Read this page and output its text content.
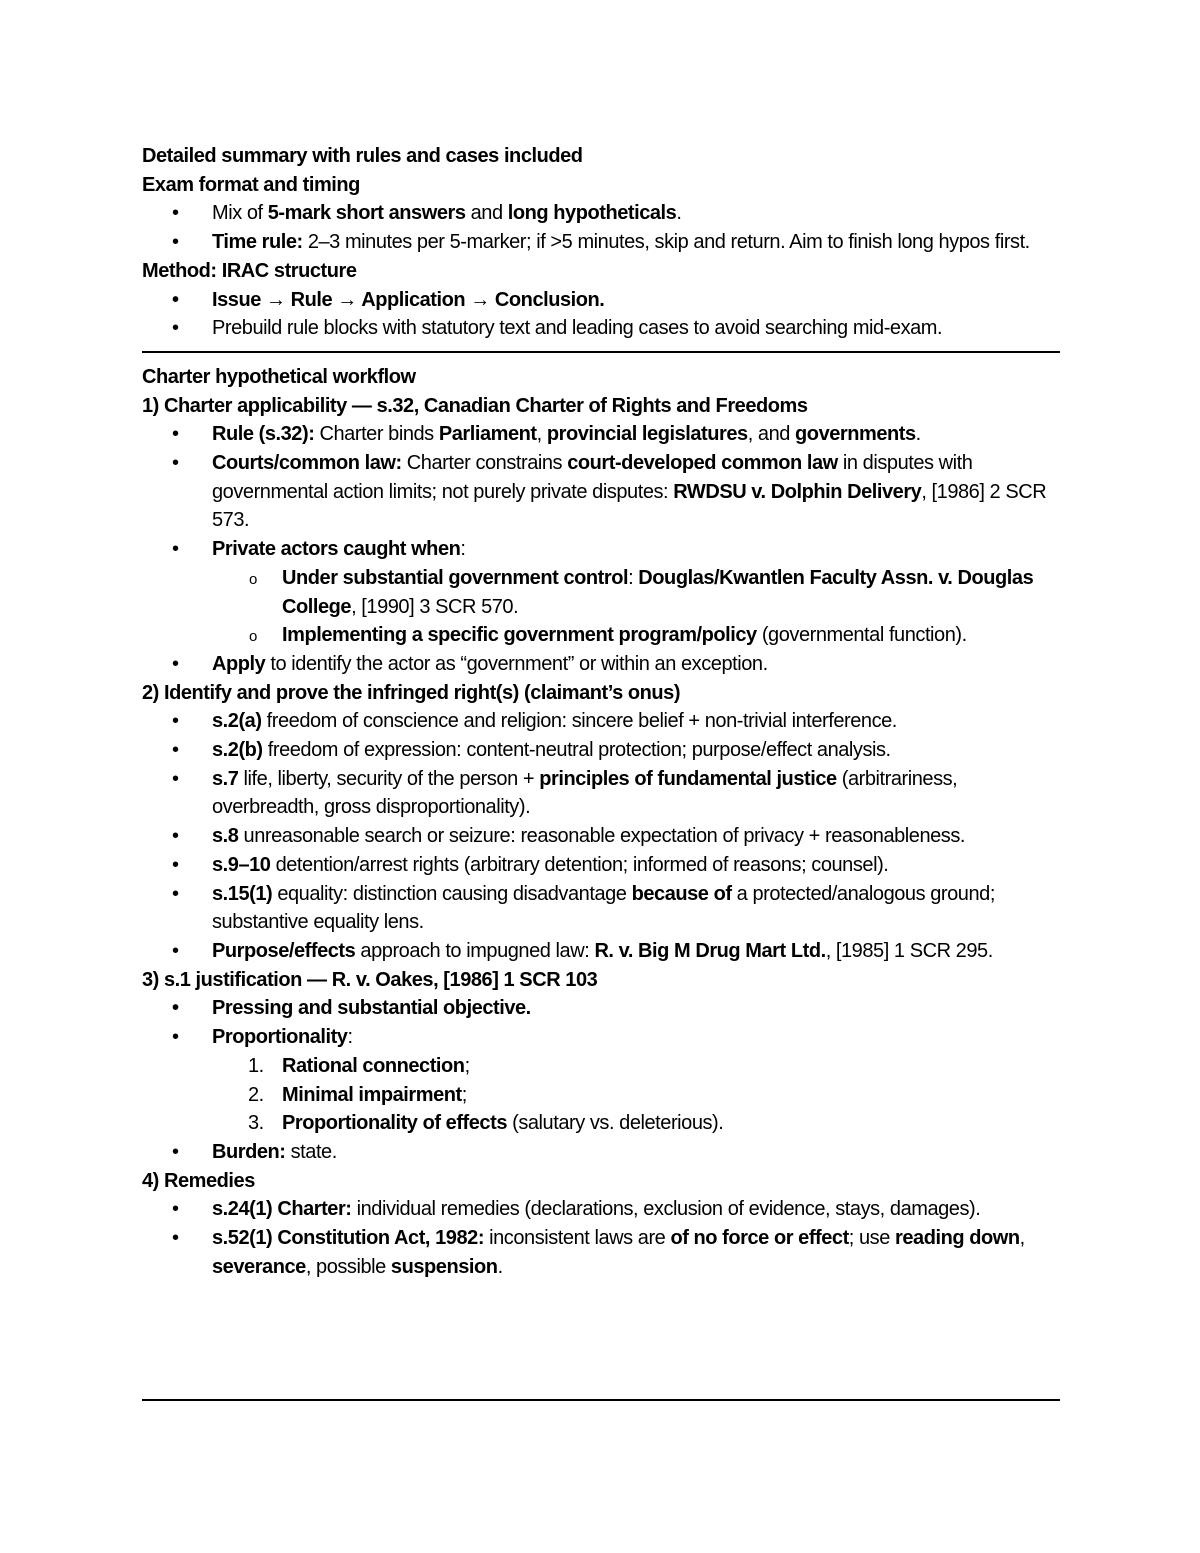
Detailed summary with rules and cases included
Exam format and timing
• Mix of 5-mark short answers and long hypotheticals.
• Time rule: 2–3 minutes per 5-marker; if >5 minutes, skip and return. Aim to finish long hypos first.
Method: IRAC structure
• Issue → Rule → Application → Conclusion.
• Prebuild rule blocks with statutory text and leading cases to avoid searching mid-exam.
Charter hypothetical workflow
1) Charter applicability — s.32, Canadian Charter of Rights and Freedoms
• Rule (s.32): Charter binds Parliament, provincial legislatures, and governments.
• Courts/common law: Charter constrains court-developed common law in disputes with governmental action limits; not purely private disputes: RWDSU v. Dolphin Delivery, [1986] 2 SCR 573.
• Private actors caught when:
o Under substantial government control: Douglas/Kwantlen Faculty Assn. v. Douglas College, [1990] 3 SCR 570.
o Implementing a specific government program/policy (governmental function).
• Apply to identify the actor as “government” or within an exception.
2) Identify and prove the infringed right(s) (claimant’s onus)
• s.2(a) freedom of conscience and religion: sincere belief + non-trivial interference.
• s.2(b) freedom of expression: content-neutral protection; purpose/effect analysis.
• s.7 life, liberty, security of the person + principles of fundamental justice (arbitrariness, overbreadth, gross disproportionality).
• s.8 unreasonable search or seizure: reasonable expectation of privacy + reasonableness.
• s.9–10 detention/arrest rights (arbitrary detention; informed of reasons; counsel).
• s.15(1) equality: distinction causing disadvantage because of a protected/analogous ground; substantive equality lens.
• Purpose/effects approach to impugned law: R. v. Big M Drug Mart Ltd., [1985] 1 SCR 295.
3) s.1 justification — R. v. Oakes, [1986] 1 SCR 103
• Pressing and substantial objective.
• Proportionality:
1. Rational connection;
2. Minimal impairment;
3. Proportionality of effects (salutary vs. deleterious).
• Burden: state.
4) Remedies
• s.24(1) Charter: individual remedies (declarations, exclusion of evidence, stays, damages).
• s.52(1) Constitution Act, 1982: inconsistent laws are of no force or effect; use reading down, severance, possible suspension.
